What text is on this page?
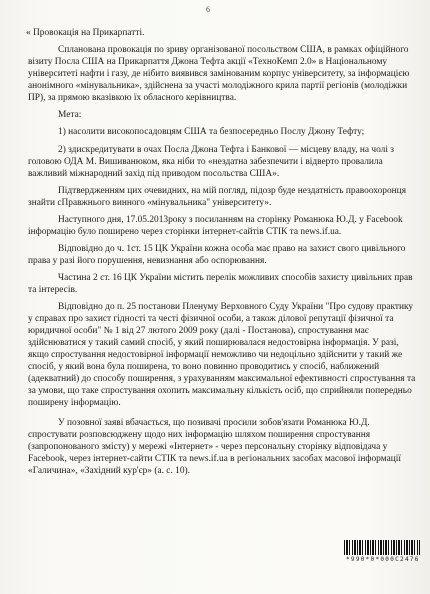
6
« Провокація на Прикарпатті.
Спланована провокація по зриву організованої посольством США, в рамках офіційного
візиту Посла США на Прикарпаття Джона Тефта акції «ТехноКемп 2.0» в Національному
університеті нафти і газу, де нібито виявився замінованим корпус університету, за інформацією
анонімного «мінувальника», здійснена за участі молодіжного крила партії регіонів (молодіжки
ПР), за прямою вказівкою їх обласного керівництва.
Мета:
1) насолити високопосадовцям США та безпосередньо Послу Джону Тефту;
2) здискредитувати в очах Посла Джона Тефта і Банкової — місцеву владу, на чолі з
головою ОДА М. Вишиванюком, яка ніби то «нездатна забезпечити і відверто провалила
важливий міжнародний захід під приводом посольства США».
Підтвердженням цих очевидних, на мій погляд, підозр буде нездатність правоохоронця
знайти сПравжнього винного «мінувальника" університету».
Наступного дня, 17.05.2013року з посиланням на сторінку Романюка Ю.Д. у Facebook
інформацію було поширено через сторінки інтернет-сайтів СТІК та news.if.ua.
Відповідно до ч. 1ст. 15 ЦК України кожна особа має право на захист свого цивільного
права у разі його порушення, невизнання або оспорювання.
Частина 2 ст. 16 ЦК України містить перелік можливих способів захисту цивільних прав
та інтересів.
Відповідно до п. 25 постанови Пленуму Верховного Суду України "Про судову практику
у справах про захист гідності та честі фізичної особи, а також ділової репутації фізичної та
юридичної особи" № 1 від 27 лютого 2009 року (далі - Постанова), спростування має
здійснюватися у такий самий спосіб, у який поширювалася недостовірна інформація. У разі,
якщо спростування недостовірної інформації неможливо чи недоцільно здійснити у такий же
спосіб, у який вона була поширена, то воно повинно проводитись у спосіб, наближений
(адекватний) до способу поширення, з урахуванням максимальної ефективності спростування та
за умови, що таке спростування охопить максимальну кількість осіб, що сприйняли попередньо
поширену інформацію.
У позовної заяві вбачається, що позивачі просили зобов'язати Романюка Ю.Д.
спростувати розповсюджену щодо них інформацію шляхом поширення спростування
(запропонованого змісту) у мережі «Інтернет» - через персональну сторінку відповідача у
Facebook, через інтернет-сайти СТІК та news.if.ua в регіональних засобах масової інформації
«Галичина», «Західний кур'єр» (а. с. 10).
*990*0*000C2476
